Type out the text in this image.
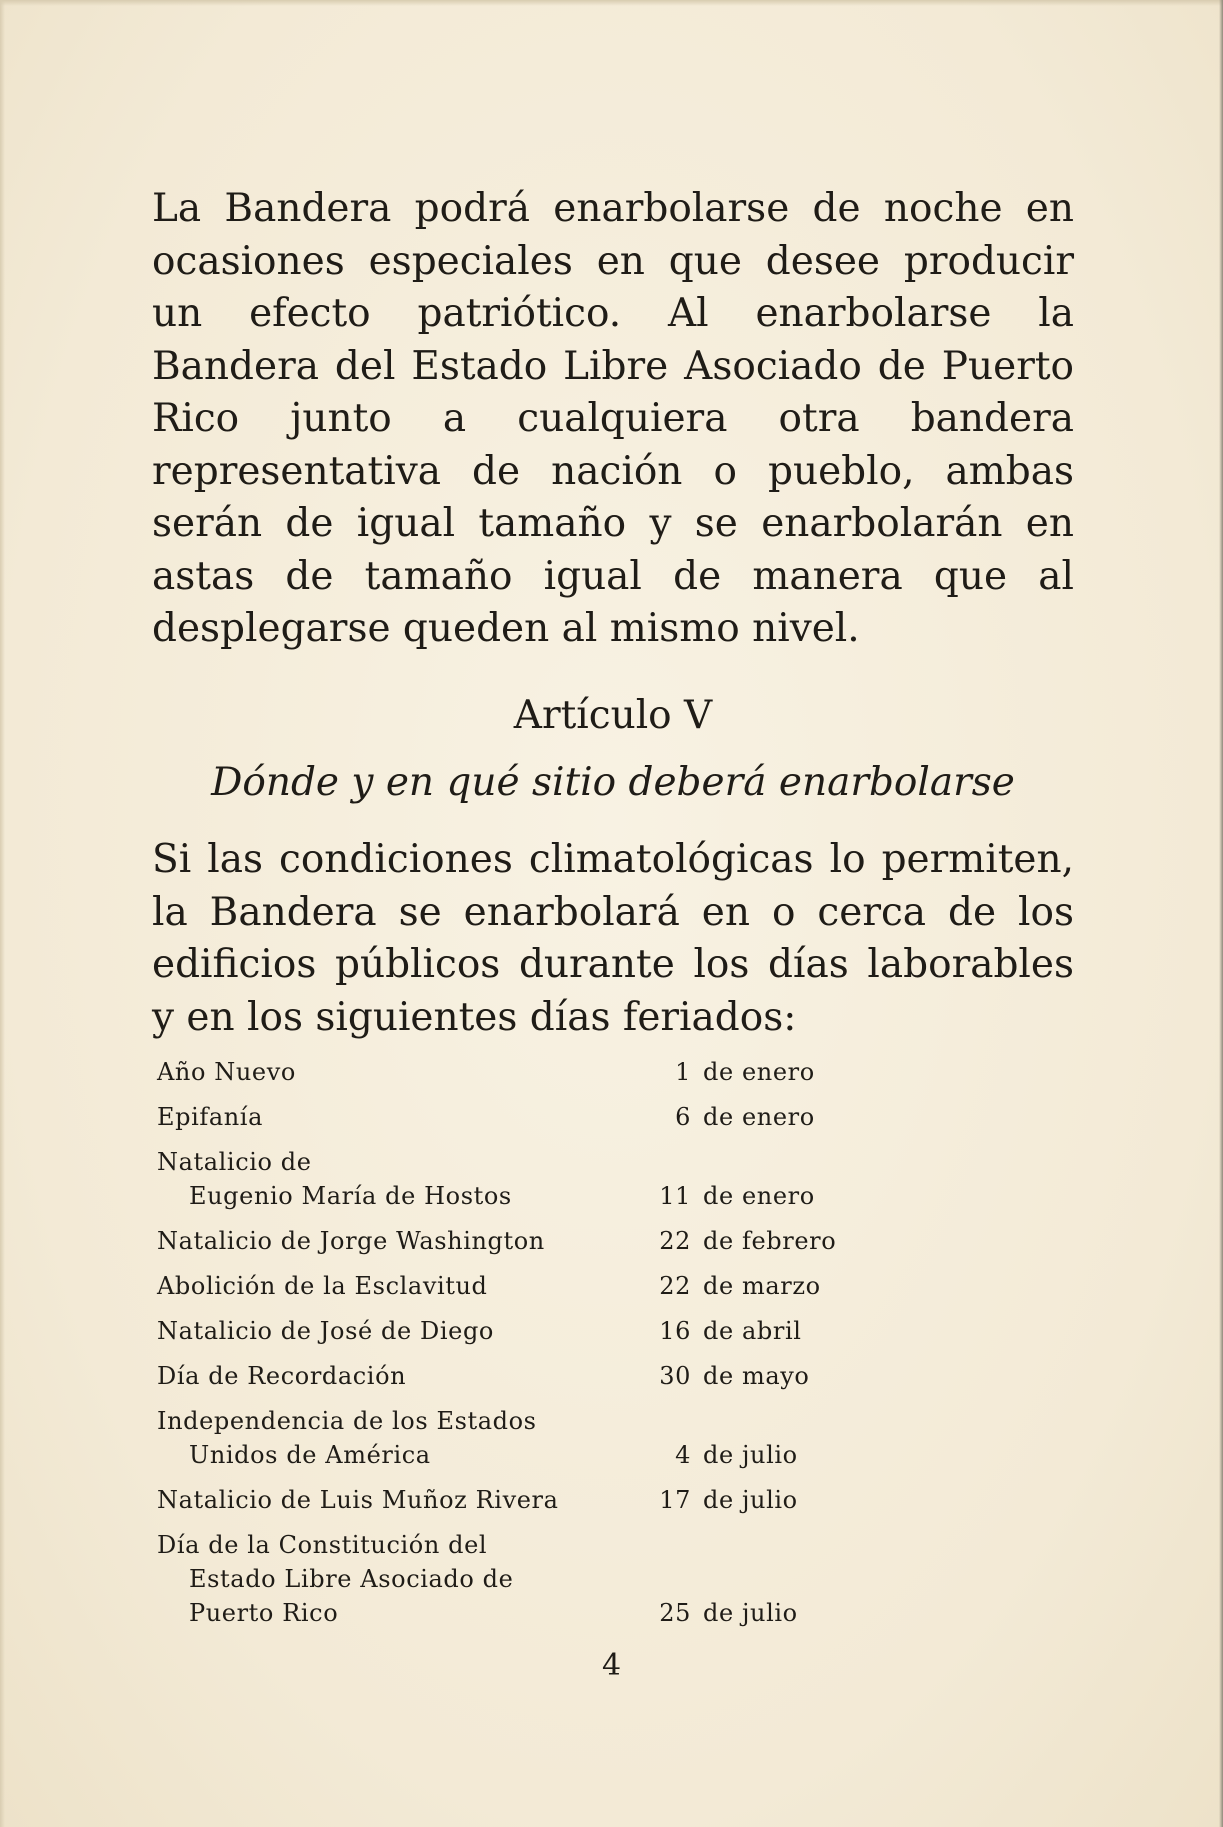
La Bandera podrá enarbolarse de noche en ocasiones especiales en que desee producir un efecto patriótico. Al enarbolarse la Bandera del Estado Libre Asociado de Puerto Rico junto a cualquiera otra bandera representativa de nación o pueblo, ambas serán de igual tamaño y se enarbolarán en astas de tamaño igual de manera que al desplegarse queden al mismo nivel.

Artículo V
Dónde y en qué sitio deberá enarbolarse

Si las condiciones climatológicas lo permiten, la Bandera se enarbolará en o cerca de los edificios públicos durante los días laborables y en los siguientes días feriados:

Año Nuevo	1 de enero
Epifanía	6 de enero
Natalicio de
Eugenio María de Hostos	11 de enero
Natalicio de Jorge Washington	22 de febrero
Abolición de la Esclavitud	22 de marzo
Natalicio de José de Diego	16 de abril
Día de Recordación	30 de mayo
Independencia de los Estados
Unidos de América	4 de julio
Natalicio de Luis Muñoz Rivera	17 de julio
Día de la Constitución del
Estado Libre Asociado de
Puerto Rico	25 de julio
4
